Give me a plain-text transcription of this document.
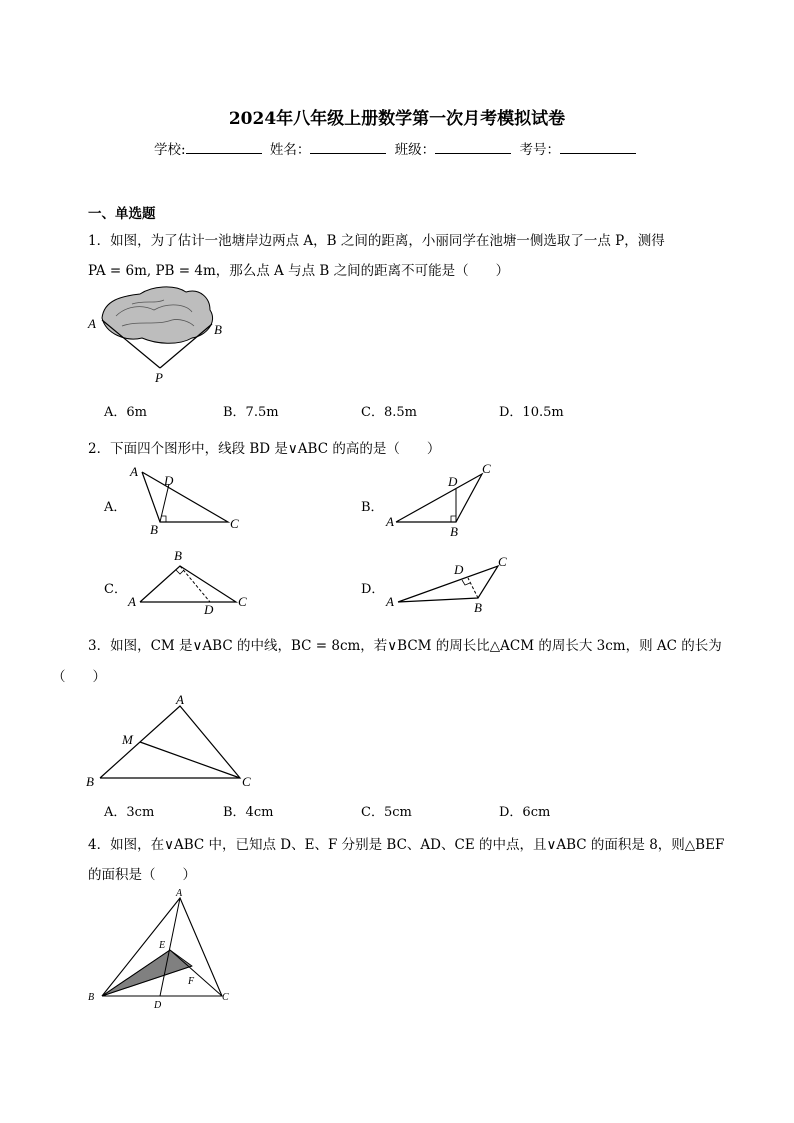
2024年八年级上册数学第一次月考模拟试卷
学校:	姓名：	班级：	考号：
一、单选题
1．如图，为了估计一池塘岸边两点 A，B 之间的距离，小丽同学在池塘一侧选取了一点 P，测得
PA = 6m, PB = 4m，那么点 A 与点 B 之间的距离不可能是（　　）
A	B
P
A．6m	B．7.5m	C．8.5m	D．10.5m
2．下面四个图形中，线段 BD 是∨ABC 的高的是（　　）
A．
A
D
B	C
B．
A
D
B
C
C．
A
B
D
C
D．
A
D
B
C
3．如图，CM 是∨ABC 的中线，BC = 8cm，若∨BCM 的周长比△ACM 的周长大 3cm，则 AC 的长为
（　　）
A
M
B	C
A．3cm	B．4cm	C．5cm	D．6cm
4．如图，在∨ABC 中，已知点 D、E、F 分别是 BC、AD、CE 的中点，且∨ABC 的面积是 8，则△BEF
的面积是（　　）
A
E
F
B
D
C
